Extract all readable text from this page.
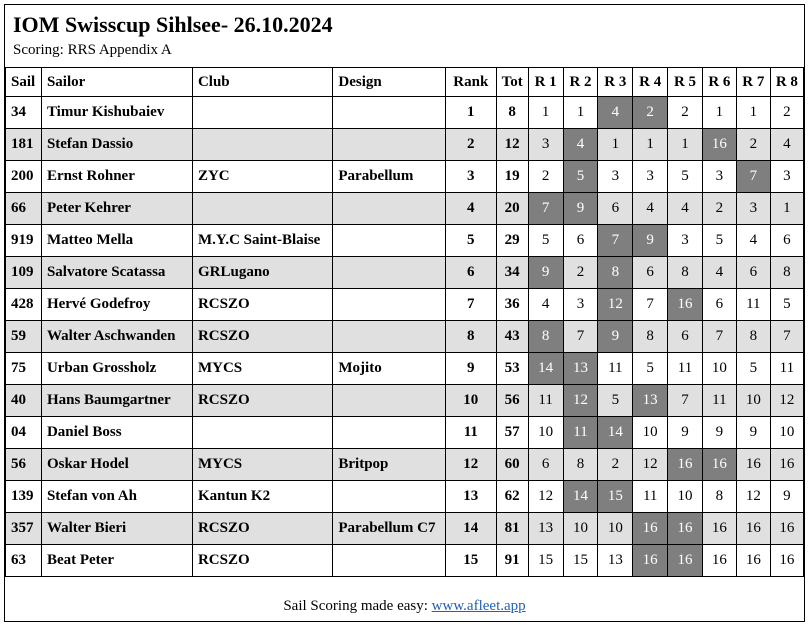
IOM Swisscup Sihlsee- 26.10.2024
Scoring: RRS Appendix A
Sail	Sailor	Club	Design	Rank	Tot	R 1	R 2	R 3	R 4	R 5	R 6	R 7	R 8
34	Timur Kishubaiev			1	8	1	1	4	2	2	1	1	2
181	Stefan Dassio			2	12	3	4	1	1	1	16	2	4
200	Ernst Rohner	ZYC	Parabellum	3	19	2	5	3	3	5	3	7	3
66	Peter Kehrer			4	20	7	9	6	4	4	2	3	1
919	Matteo Mella	M.Y.C Saint-Blaise		5	29	5	6	7	9	3	5	4	6
109	Salvatore Scatassa	GRLugano		6	34	9	2	8	6	8	4	6	8
428	Hervé Godefroy	RCSZO		7	36	4	3	12	7	16	6	11	5
59	Walter Aschwanden	RCSZO		8	43	8	7	9	8	6	7	8	7
75	Urban Grossholz	MYCS	Mojito	9	53	14	13	11	5	11	10	5	11
40	Hans Baumgartner	RCSZO		10	56	11	12	5	13	7	11	10	12
04	Daniel Boss			11	57	10	11	14	10	9	9	9	10
56	Oskar Hodel	MYCS	Britpop	12	60	6	8	2	12	16	16	16	16
139	Stefan von Ah	Kantun K2		13	62	12	14	15	11	10	8	12	9
357	Walter Bieri	RCSZO	Parabellum C7	14	81	13	10	10	16	16	16	16	16
63	Beat Peter	RCSZO		15	91	15	15	13	16	16	16	16	16
Sail Scoring made easy: www.afleet.app
